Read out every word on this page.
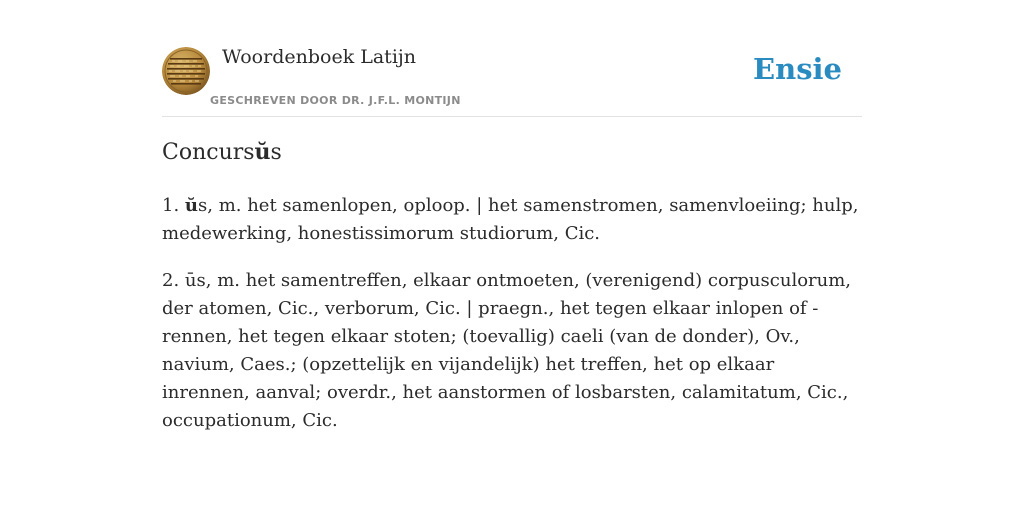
Woordenboek Latijn
GESCHREVEN DOOR DR. J.F.L. MONTIJN
Ensie
Concursŭs

1. ŭs, m. het samenlopen, oploop. | het samenstromen, samenvloeiing; hulp, medewerking, honestissimorum studiorum, Cic.

2. ūs, m. het samentreffen, elkaar ontmoeten, (verenigend) corpusculorum, der atomen, Cic., verborum, Cic. | praegn., het tegen elkaar inlopen of -rennen, het tegen elkaar stoten; (toevallig) caeli (van de donder), Ov., navium, Caes.; (opzettelijk en vijandelijk) het treffen, het op elkaar inrennen, aanval; overdr., het aanstormen of losbarsten, calamitatum, Cic., occupationum, Cic.
